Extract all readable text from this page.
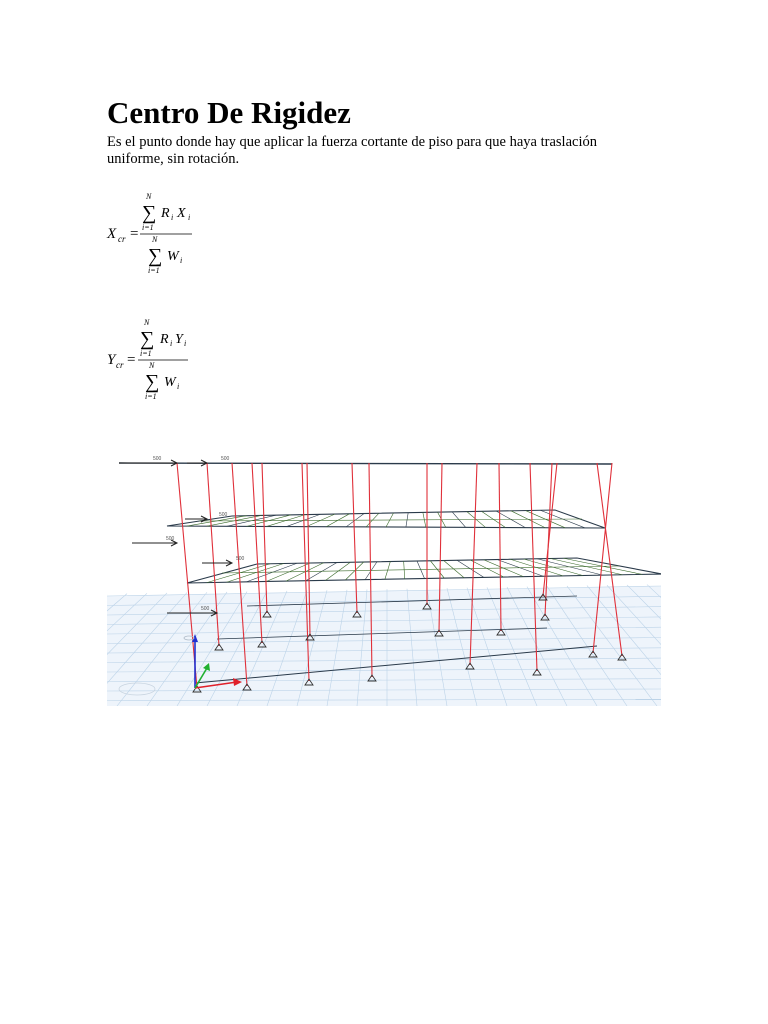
Centro De Rigidez

Es el punto donde hay que aplicar la fuerza cortante de piso para que haya traslación uniforme, sin rotación.

X cr =
N
∑
i=1
R i X i
N
∑
i=1
W i
Y cr =
N
∑
i=1
R i Y i
N
∑
i=1
W i
500	500
500
500
500
500
